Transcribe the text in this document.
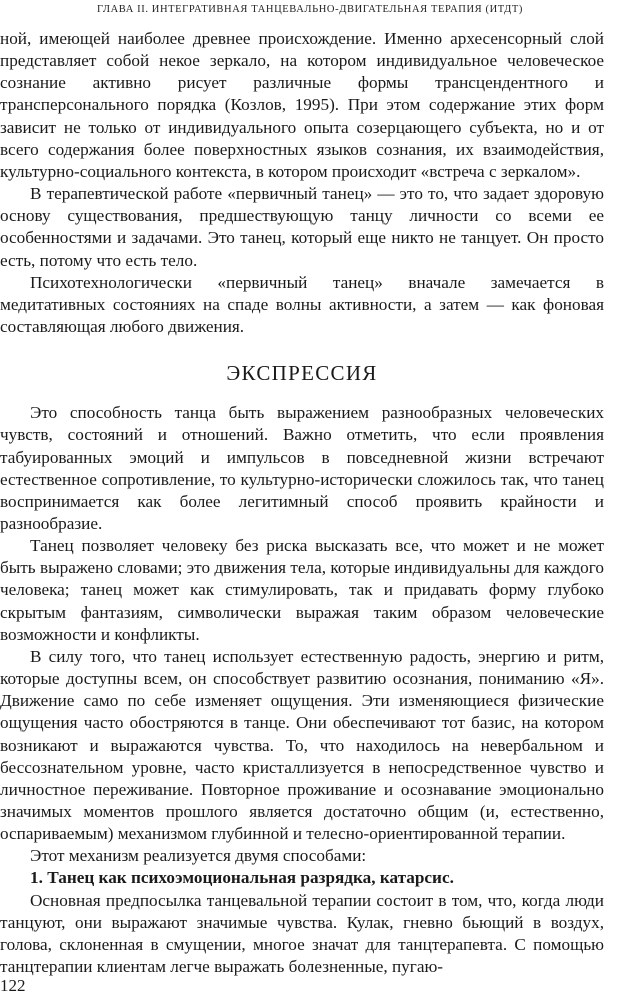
ГЛАВА II. ИНТЕГРАТИВНАЯ ТАНЦЕВАЛЬНО-ДВИГАТЕЛЬНАЯ ТЕРАПИЯ (ИТДТ)

ной, имеющей наиболее древнее происхождение. Именно архесенсорный слой представляет собой некое зеркало, на котором индивидуальное человеческое сознание активно рисует различные формы трансцендентного и трансперсонального порядка (Козлов, 1995). При этом содержание этих форм зависит не только от индивидуального опыта созерцающего субъекта, но и от всего содержания более поверхностных языков сознания, их взаимодействия, культурно-социального контекста, в котором происходит «встреча с зеркалом».

В терапевтической работе «первичный танец» — это то, что задает здоровую основу существования, предшествующую танцу личности со всеми ее особенностями и задачами. Это танец, который еще никто не танцует. Он просто есть, потому что есть тело.

Психотехнологически «первичный танец» вначале замечается в медитативных состояниях на спаде волны активности, а затем — как фоновая составляющая любого движения.

ЭКСПРЕССИЯ

Это способность танца быть выражением разнообразных человеческих чувств, состояний и отношений. Важно отметить, что если проявления табуированных эмоций и импульсов в повседневной жизни встречают естественное сопротивление, то культурно-исторически сложилось так, что танец воспринимается как более легитимный способ проявить крайности и разнообразие.

Танец позволяет человеку без риска высказать все, что может и не может быть выражено словами; это движения тела, которые индивидуальны для каждого человека; танец может как стимулировать, так и придавать форму глубоко скрытым фантазиям, символически выражая таким образом человеческие возможности и конфликты.

В силу того, что танец использует естественную радость, энергию и ритм, которые доступны всем, он способствует развитию осознания, пониманию «Я». Движение само по себе изменяет ощущения. Эти изменяющиеся физические ощущения часто обостряются в танце. Они обеспечивают тот базис, на котором возникают и выражаются чувства. То, что находилось на невербальном и бессознательном уровне, часто кристаллизуется в непосредственное чувство и личностное переживание. Повторное проживание и осознавание эмоционально значимых моментов прошлого является достаточно общим (и, естественно, оспариваемым) механизмом глубинной и телесно-ориентированной терапии.

Этот механизм реализуется двумя способами:

1. Танец как психоэмоциональная разрядка, катарсис.

Основная предпосылка танцевальной терапии состоит в том, что, когда люди танцуют, они выражают значимые чувства. Кулак, гневно бьющий в воздух, голова, склоненная в смущении, многое значат для танцтерапевта. С помощью танцтерапии клиентам легче выражать болезненные, пугаю-

122
